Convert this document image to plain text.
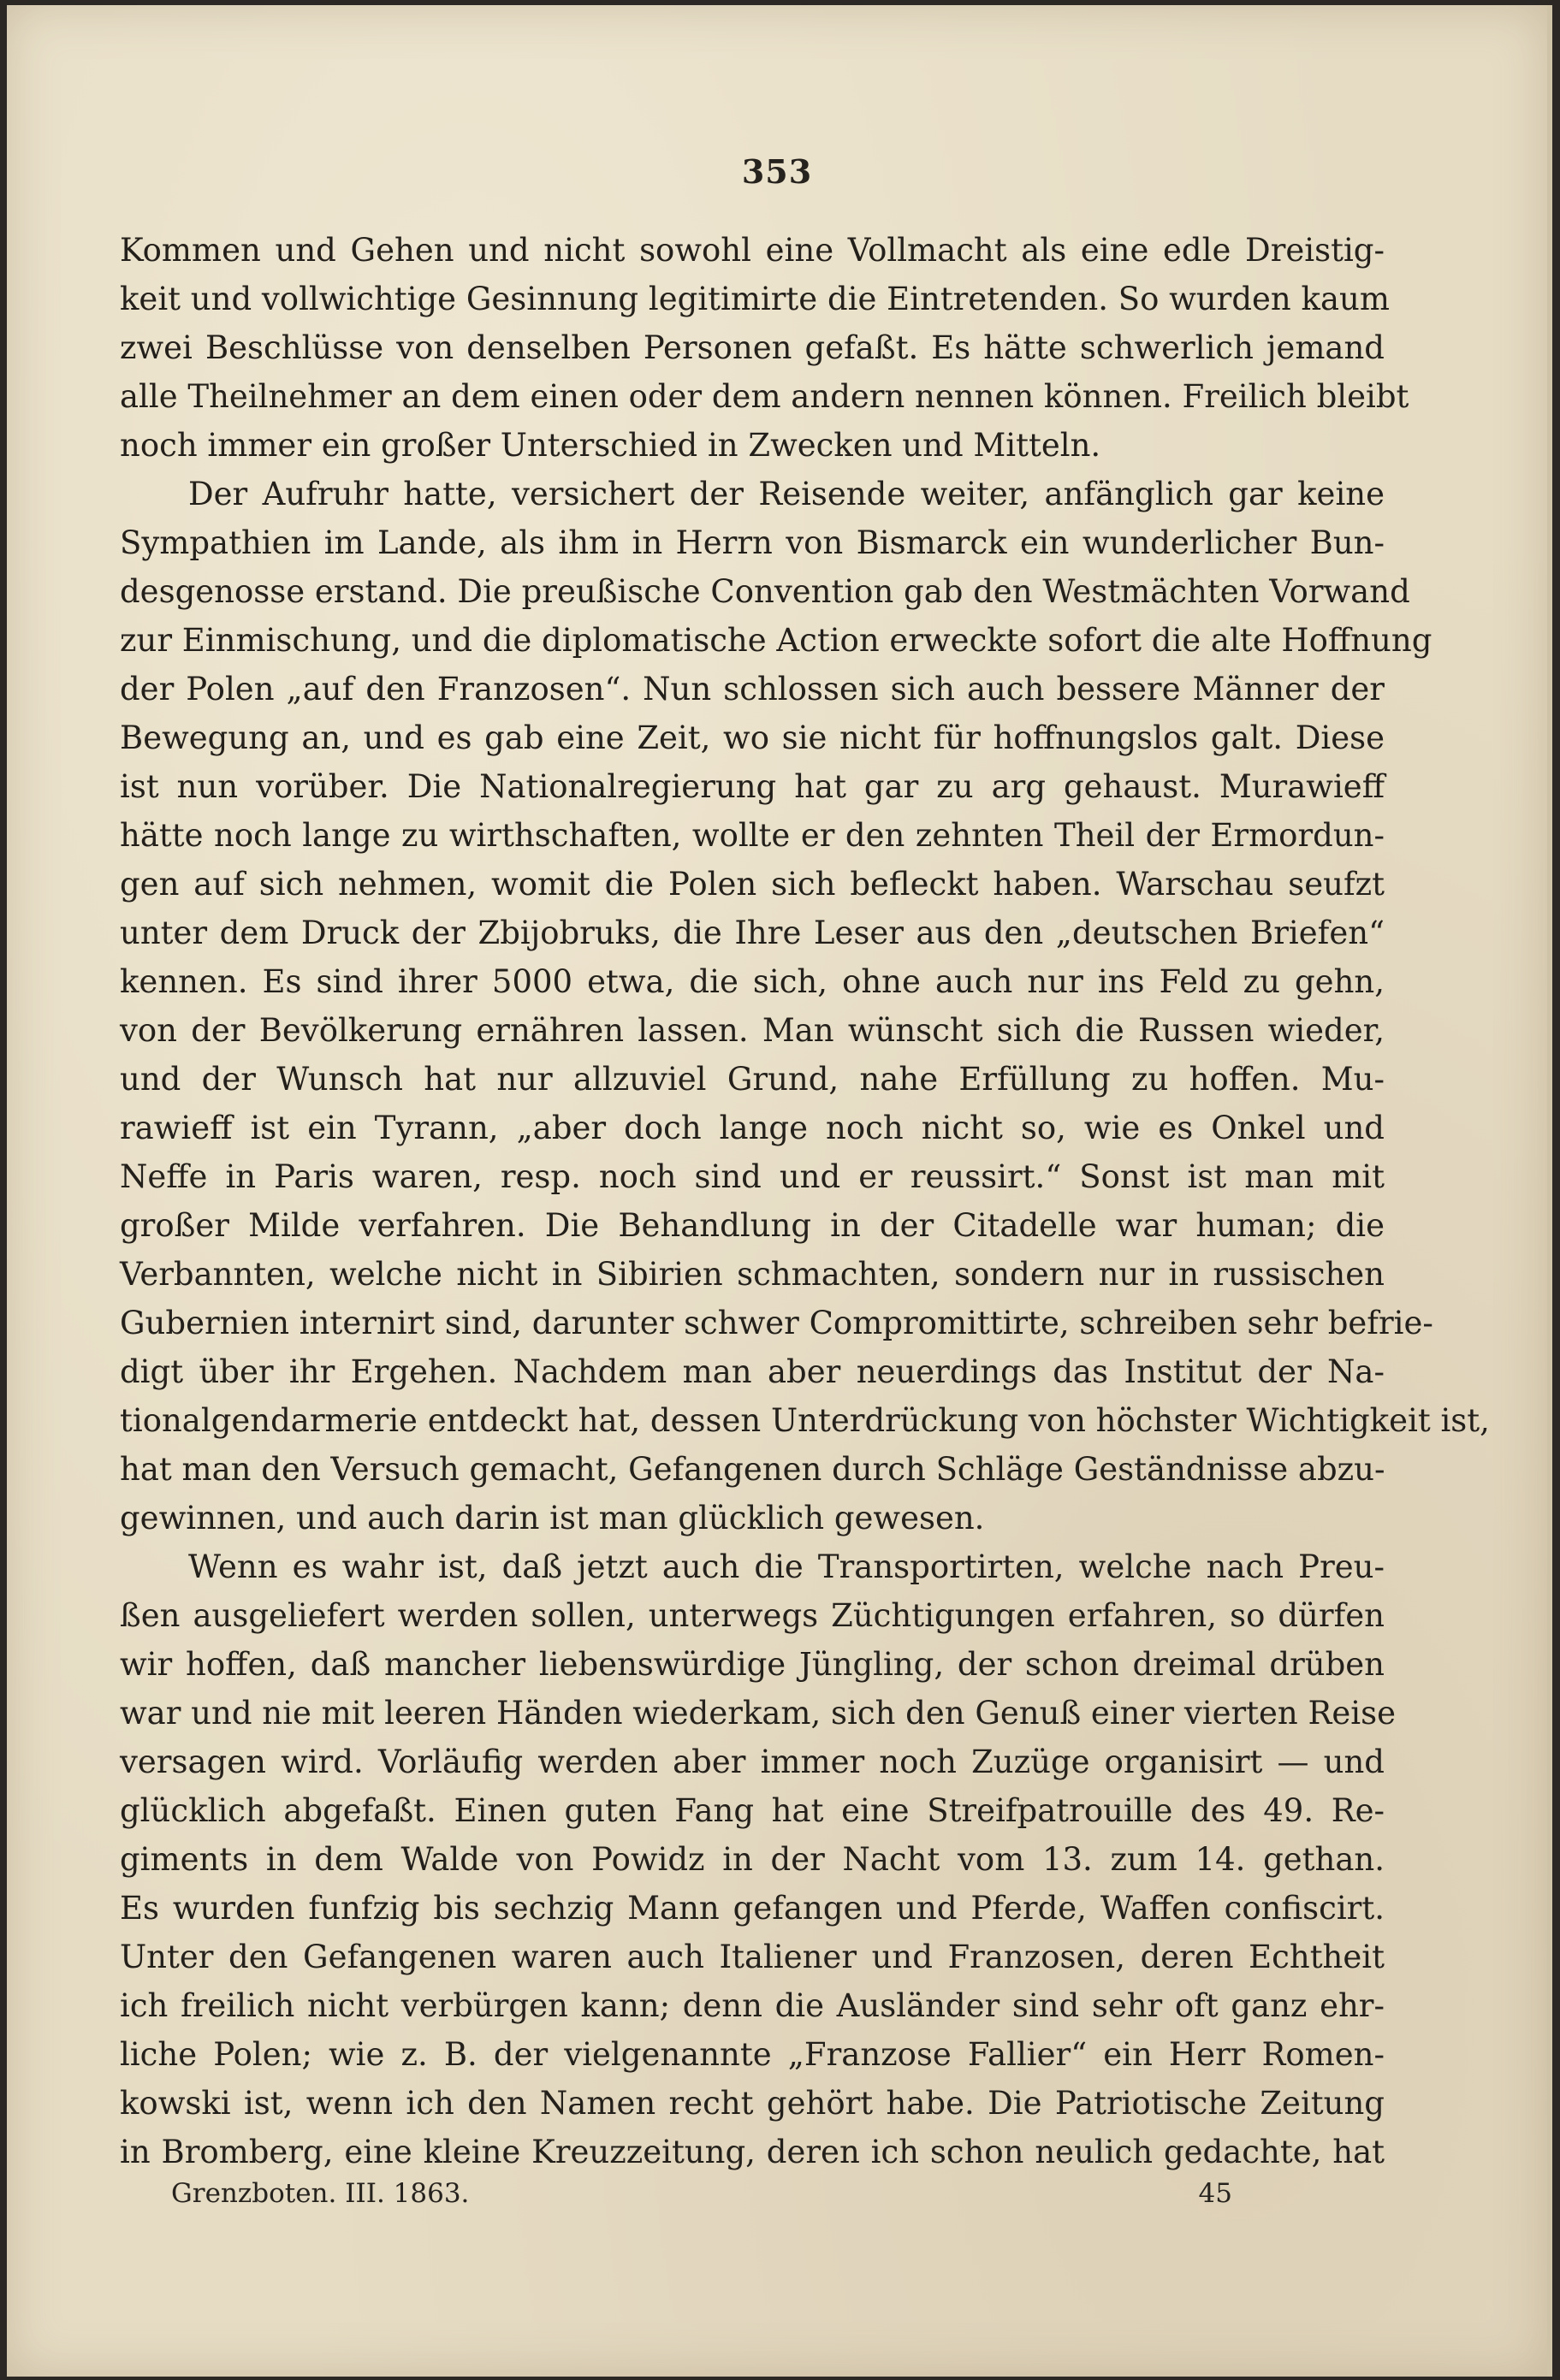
353
Kommen und Gehen und nicht sowohl eine Vollmacht als eine edle Dreistig-
keit und vollwichtige Gesinnung legitimirte die Eintretenden. So wurden kaum
zwei Beschlüsse von denselben Personen gefaßt. Es hätte schwerlich jemand
alle Theilnehmer an dem einen oder dem andern nennen können. Freilich bleibt
noch immer ein großer Unterschied in Zwecken und Mitteln.
Der Aufruhr hatte, versichert der Reisende weiter, anfänglich gar keine
Sympathien im Lande, als ihm in Herrn von Bismarck ein wunderlicher Bun-
desgenosse erstand. Die preußische Convention gab den Westmächten Vorwand
zur Einmischung, und die diplomatische Action erweckte sofort die alte Hoffnung
der Polen „auf den Franzosen“. Nun schlossen sich auch bessere Männer der
Bewegung an, und es gab eine Zeit, wo sie nicht für hoffnungslos galt. Diese
ist nun vorüber. Die Nationalregierung hat gar zu arg gehaust. Murawieff
hätte noch lange zu wirthschaften, wollte er den zehnten Theil der Ermordun-
gen auf sich nehmen, womit die Polen sich befleckt haben. Warschau seufzt
unter dem Druck der Zbijobruks, die Ihre Leser aus den „deutschen Briefen“
kennen. Es sind ihrer 5000 etwa, die sich, ohne auch nur ins Feld zu gehn,
von der Bevölkerung ernähren lassen. Man wünscht sich die Russen wieder,
und der Wunsch hat nur allzuviel Grund, nahe Erfüllung zu hoffen. Mu-
rawieff ist ein Tyrann, „aber doch lange noch nicht so, wie es Onkel und
Neffe in Paris waren, resp. noch sind und er reussirt.“ Sonst ist man mit
großer Milde verfahren. Die Behandlung in der Citadelle war human; die
Verbannten, welche nicht in Sibirien schmachten, sondern nur in russischen
Gubernien internirt sind, darunter schwer Compromittirte, schreiben sehr befrie-
digt über ihr Ergehen. Nachdem man aber neuerdings das Institut der Na-
tionalgendarmerie entdeckt hat, dessen Unterdrückung von höchster Wichtigkeit ist,
hat man den Versuch gemacht, Gefangenen durch Schläge Geständnisse abzu-
gewinnen, und auch darin ist man glücklich gewesen.
Wenn es wahr ist, daß jetzt auch die Transportirten, welche nach Preu-
ßen ausgeliefert werden sollen, unterwegs Züchtigungen erfahren, so dürfen
wir hoffen, daß mancher liebenswürdige Jüngling, der schon dreimal drüben
war und nie mit leeren Händen wiederkam, sich den Genuß einer vierten Reise
versagen wird. Vorläufig werden aber immer noch Zuzüge organisirt — und
glücklich abgefaßt. Einen guten Fang hat eine Streifpatrouille des 49. Re-
giments in dem Walde von Powidz in der Nacht vom 13. zum 14. gethan.
Es wurden funfzig bis sechzig Mann gefangen und Pferde, Waffen confiscirt.
Unter den Gefangenen waren auch Italiener und Franzosen, deren Echtheit
ich freilich nicht verbürgen kann; denn die Ausländer sind sehr oft ganz ehr-
liche Polen; wie z. B. der vielgenannte „Franzose Fallier“ ein Herr Romen-
kowski ist, wenn ich den Namen recht gehört habe. Die Patriotische Zeitung
in Bromberg, eine kleine Kreuzzeitung, deren ich schon neulich gedachte, hat
Grenzboten. III. 1863.	45
